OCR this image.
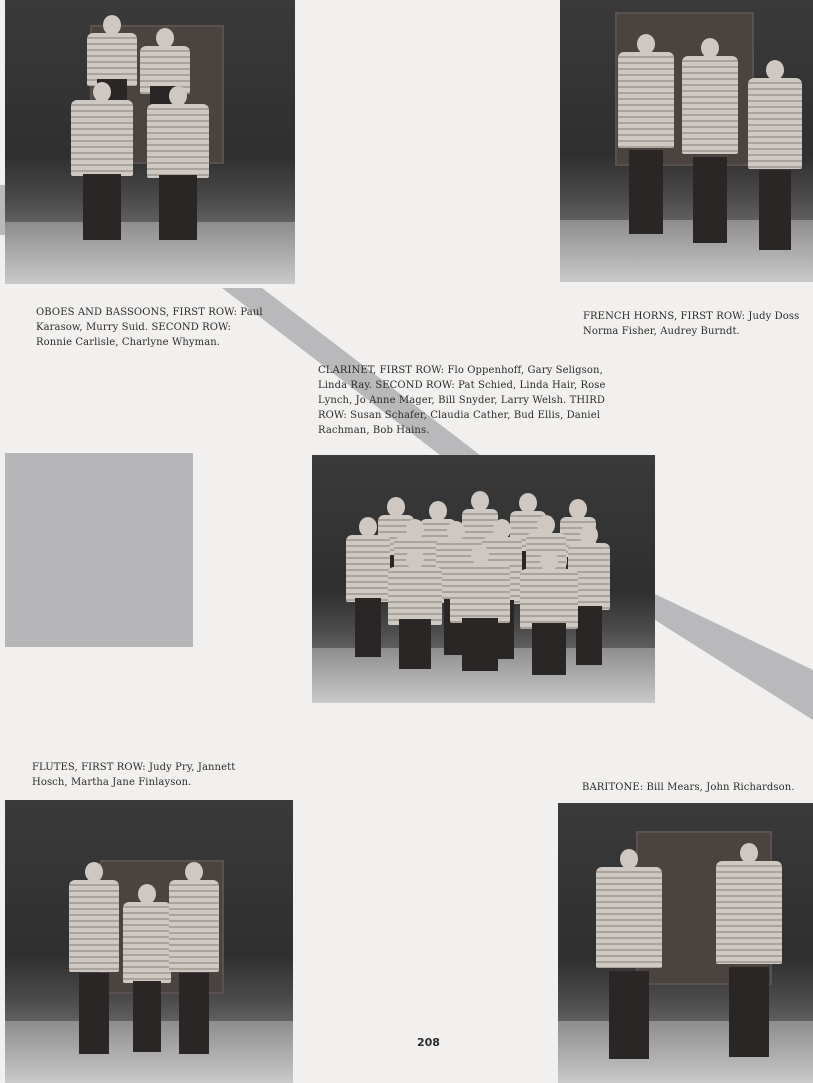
OBOES AND BASSOONS, FIRST ROW: Paul
Karasow, Murry Suid. SECOND ROW:
Ronnie Carlisle, Charlyne Whyman.
FRENCH HORNS, FIRST ROW: Judy Doss
Norma Fisher, Audrey Burndt.
CLARINET, FIRST ROW: Flo Oppenhoff, Gary Seligson,
Linda Ray. SECOND ROW: Pat Schied, Linda Hair, Rose
Lynch, Jo Anne Mager, Bill Snyder, Larry Welsh. THIRD
ROW: Susan Schafer, Claudia Cather, Bud Ellis, Daniel
Rachman, Bob Hains.
FLUTES, FIRST ROW: Judy Pry, Jannett
Hosch, Martha Jane Finlayson.	BARITONE: Bill Mears, John Richardson.
208
